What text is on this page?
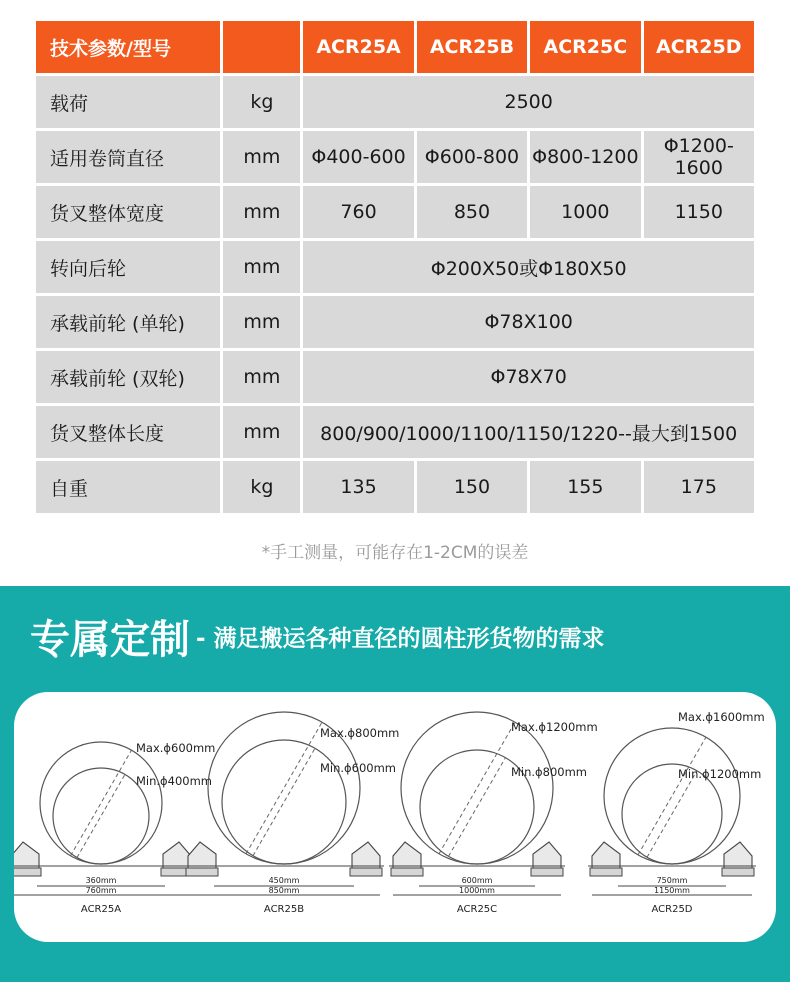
技术参数/型号		ACR25A	ACR25B	ACR25C	ACR25D
载荷	kg	2500			
适用卷筒直径	mm	Φ400-600	Φ600-800	Φ800-1200	Φ1200-1600
货叉整体宽度	mm	760	850	1000	1150
转向后轮	mm	Φ200X50或Φ180X50			
承载前轮 (单轮)	mm	Φ78X100			
承载前轮 (双轮)	mm	Φ78X70			
货叉整体长度	mm	800/900/1000/1100/1150/1220--最大到1500			
自重	kg	135	150	155	175
*手工测量，可能存在1-2CM的误差
专属定制 - 满足搬运各种直径的圆柱形货物的需求
360mm
760mm
ACR25A
Max.ϕ600mm
Min.ϕ400mm
450mm
850mm
ACR25B
Max.ϕ800mm
Min.ϕ600mm
600mm
1000mm
ACR25C
Max.ϕ1200mm
Min.ϕ800mm
750mm
1150mm
ACR25D
Max.ϕ1600mm
Min.ϕ1200mm
